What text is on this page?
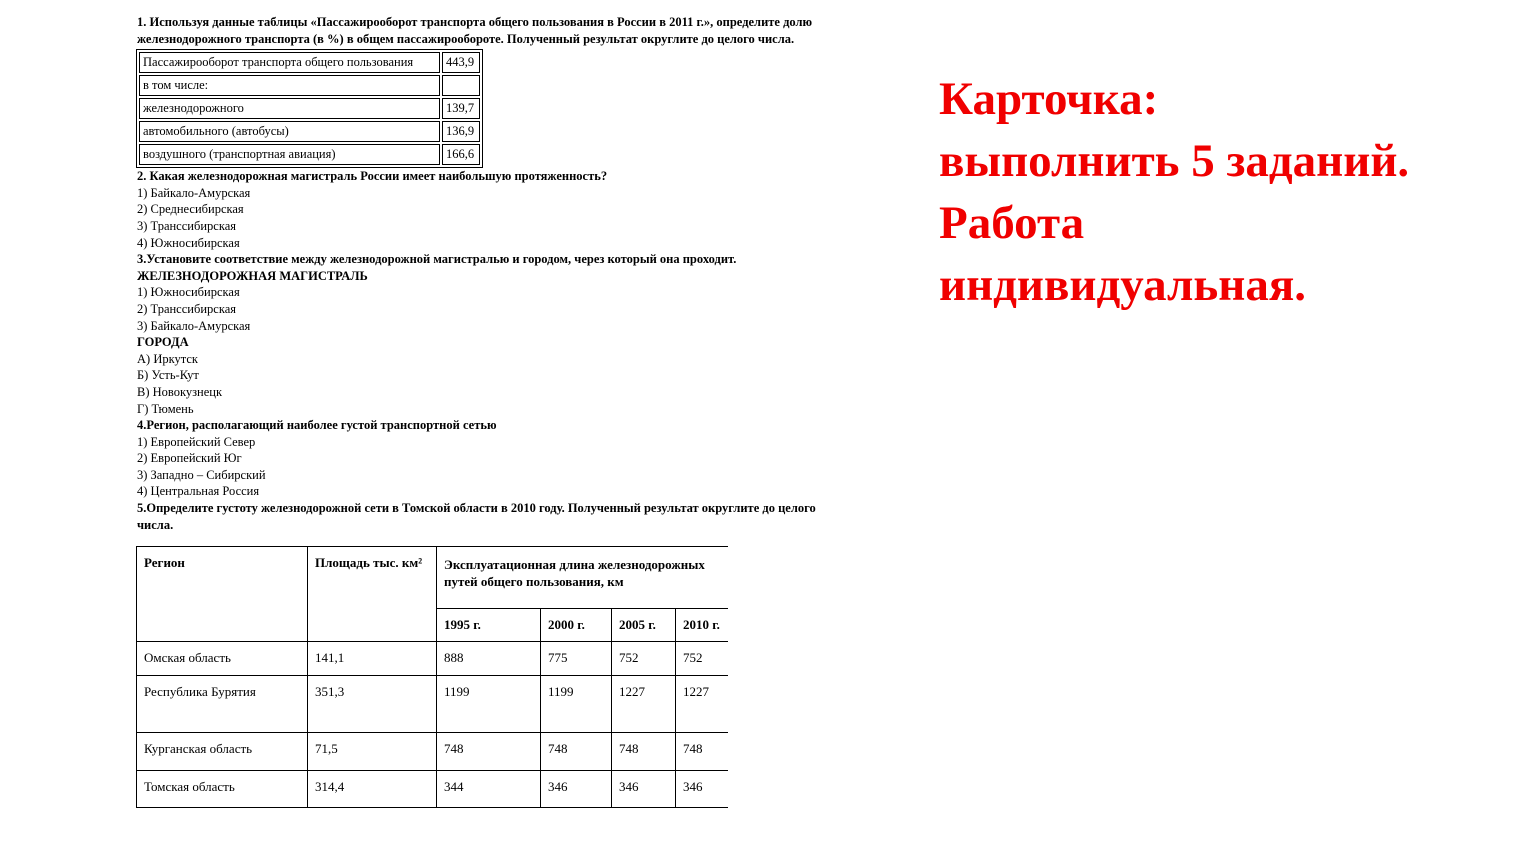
1. Используя данные таблицы «Пассажирооборот транспорта общего пользования в России в 2011 г.», определите долю железнодорожного транспорта (в %) в общем пассажирообороте. Полученный результат округлите до целого числа.
Пассажирооборот транспорта общего пользования	443,9
в том числе:	
железнодорожного	139,7
автомобильного (автобусы)	136,9
воздушного (транспортная авиация)	166,6
2. Какая железнодорожная магистраль России имеет наибольшую протяженность?
1) Байкало-Амурская
2) Среднесибирская
3) Транссибирская
4) Южносибирская
3.Установите соответствие между железнодорожной магистралью и городом, через который она проходит.
ЖЕЛЕЗНОДОРОЖНАЯ МАГИСТРАЛЬ
1) Южносибирская
2) Транссибирская
3) Байкало-Амурская
ГОРОДА
А) Иркутск
Б) Усть-Кут
В) Новокузнецк
Г) Тюмень
4.Регион, располагающий наиболее густой транспортной сетью
1) Европейский Север
2) Европейский Юг
3) Западно – Сибирский
4) Центральная Россия
5.Определите густоту железнодорожной сети в Томской области в 2010 году. Полученный результат округлите до целого числа.
Регион	Площадь тыс. км²	Эксплуатационная длина железнодорожных путей общего пользования, км			
		1995 г.	2000 г.	2005 г.	2010 г.
Омская область	141,1	888	775	752	752
Республика Бурятия	351,3	1199	1199	1227	1227
Курганская область	71,5	748	748	748	748
Томская область	314,4	344	346	346	346
Карточка:
выполнить 5 заданий.
Работа
индивидуальная.
